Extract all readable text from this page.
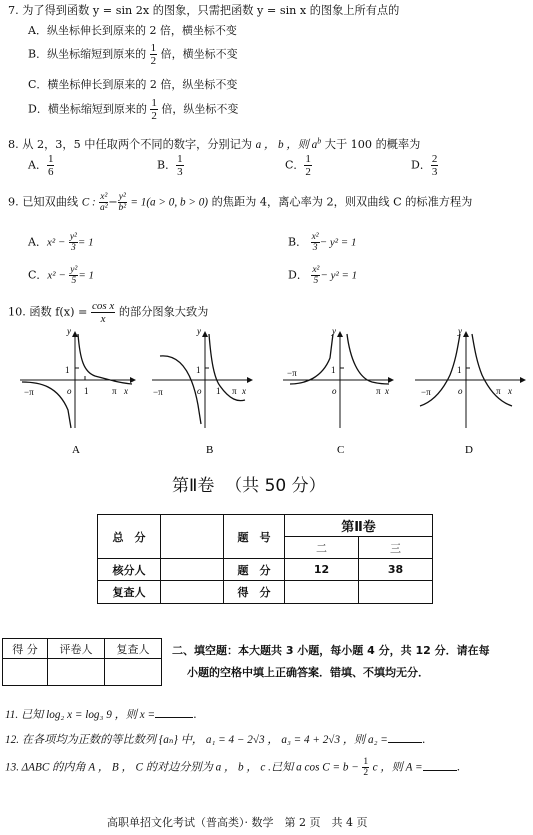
7. 为了得到函数 y = sin 2x 的图象，只需把函数 y = sin x 的图象上所有点的
A．纵坐标伸长到原来的 2 倍，横坐标不变
B．纵坐标缩短到原来的 $\frac{1}{2}$ 倍，横坐标不变
C．横坐标伸长到原来的 2 倍，纵坐标不变
D．横坐标缩短到原来的 $\frac{1}{2}$ 倍，纵坐标不变
8. 从 2，3，5 中任取两个不同的数字，分别记为 a ， b ，则 $a^b$ 大于 100 的概率为
A． $\frac{1}{6}$	B． $\frac{1}{3}$	C． $\frac{1}{2}$	D． $\frac{2}{3}$
9. 已知双曲线 C : $\frac{\text{x²}}{\text{a²}} - \frac{\text{y²}}{\text{b²}} = 1(a > 0$, b > 0) 的焦距为 4，离心率为 2，则双曲线 C 的标准方程为
A．$x^2 - \frac{\text{y²}}{3} = 1$	B． $\frac{\text{x²}}{3} - y^2 = 1$
C．$x^2 - \frac{\text{y²}}{5} = 1$	D． $\frac{\text{x²}}{5} - y^2 = 1$
10. 函数 $f(x) = \frac{\text{cos x}}{x}$ 的部分图象大致为
−π
1
o 1	π x
y
−π
1
o 1 π x
y
−π	1
o	π x
y
−π
1
o	π x
y
A	B	C	D
第Ⅱ卷 （共 50 分）
总　分		题　号	第Ⅱ卷	
			二	三
核分人		题　分	12	38
复查人		得　分		
得 分	评卷人	复查人
		二、填空题：本大题共 3 小题，每小题 4 分，共 12 分．请在每
小题的空格中填上正确答案．错填、不填均无分．
11. 已知 log₂ x = log₃ 9 ，则 x =	.
12. 在各项均为正数的等比数列 {aₙ} 中， a₁ = 4 − 2√3 ， a₃ = 4 + 2√3 ，则 a₂ =	.
13. ΔABC 的内角 A ， B ， C 的对边分别为 a ， b ， c .已知 a $\cos C = b - \frac{1}{2}$ c ，则 A =	.
高职单招文化考试（普高类）· 数学　第 2 页　共 4 页
